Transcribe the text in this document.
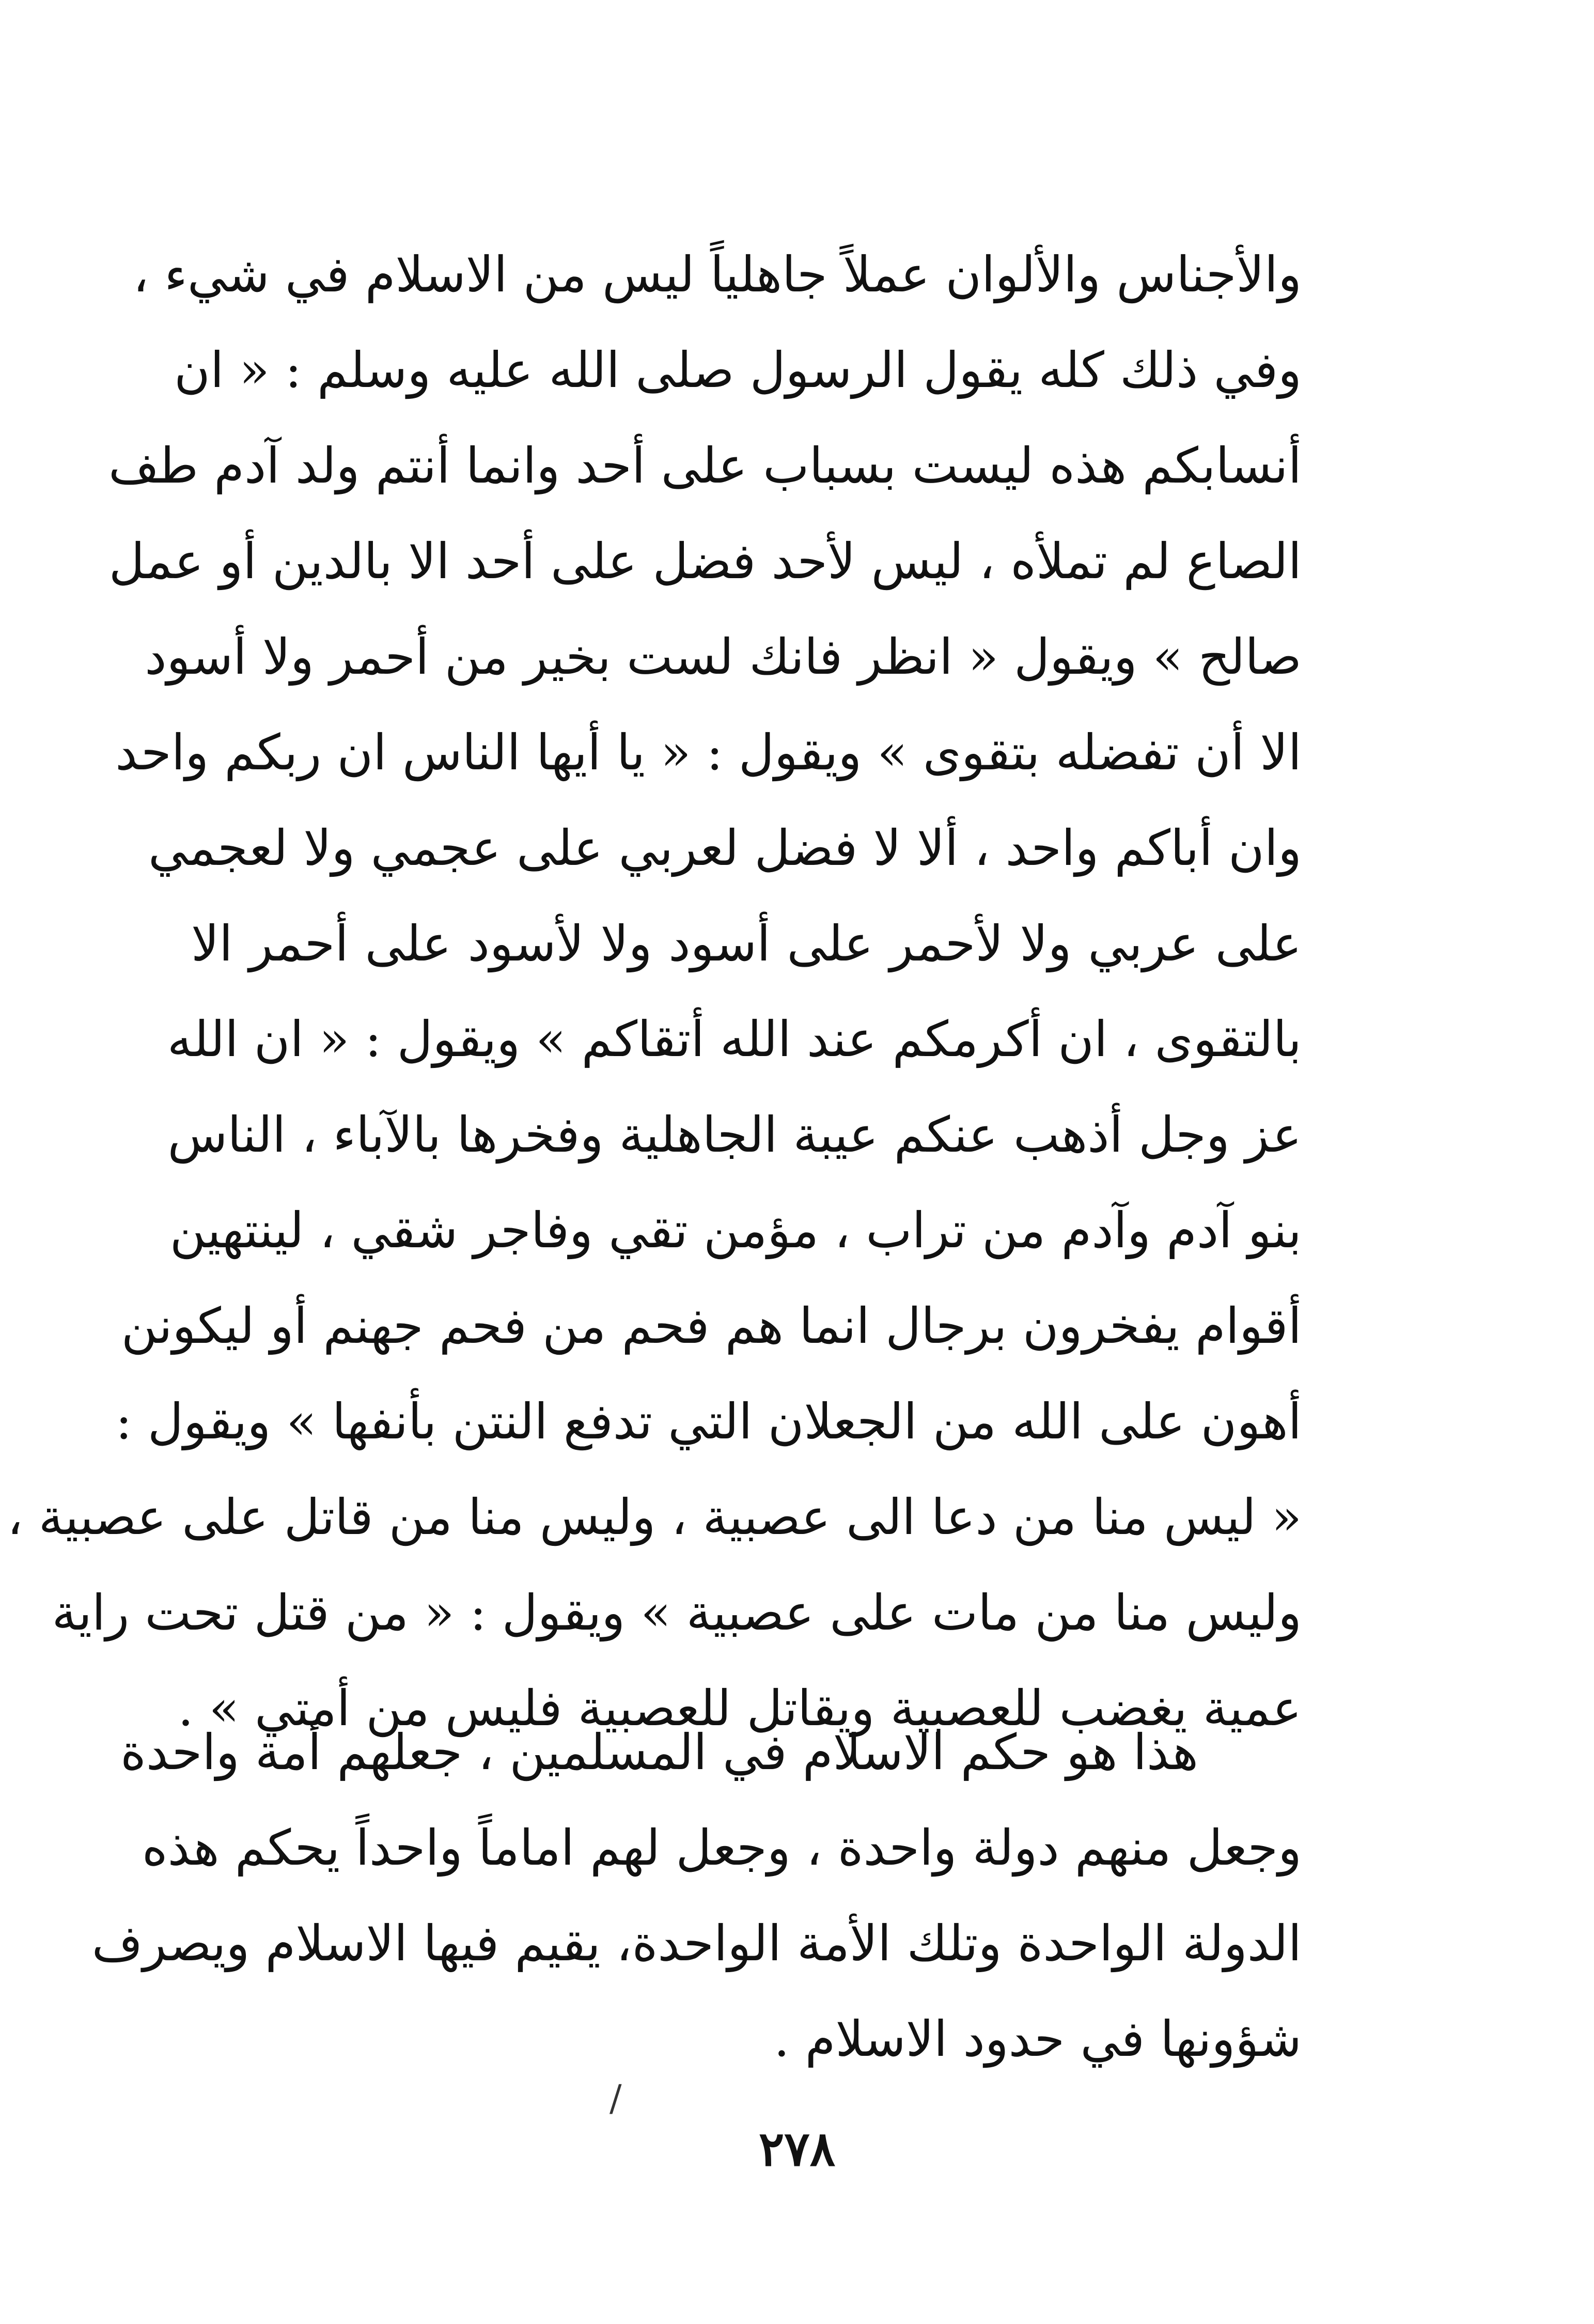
والأجناس والألوان عملاً جاهلياً ليس من الاسلام في شيء ،
وفي ذلك كله يقول الرسول صلى الله عليه وسلم : « ان
أنسابكم هذه ليست بسباب على أحد وانما أنتم ولد آدم طف
الصاع لم تملأه ، ليس لأحد فضل على أحد الا بالدين أو عمل
صالح » ويقول « انظر فانك لست بخير من أحمر ولا أسود
الا أن تفضله بتقوى » ويقول : « يا أيها الناس ان ربكم واحد
وان أباكم واحد ، ألا لا فضل لعربي على عجمي ولا لعجمي
على عربي ولا لأحمر على أسود ولا لأسود على أحمر الا
بالتقوى ، ان أكرمكم عند الله أتقاكم » ويقول : « ان الله
عز وجل أذهب عنكم عيبة الجاهلية وفخرها بالآباء ، الناس
بنو آدم وآدم من تراب ، مؤمن تقي وفاجر شقي ، لينتهين
أقوام يفخرون برجال انما هم فحم من فحم جهنم أو ليكونن
أهون على الله من الجعلان التي تدفع النتن بأنفها » ويقول :
« ليس منا من دعا الى عصبية ، وليس منا من قاتل على عصبية ،
وليس منا من مات على عصبية » ويقول : « من قتل تحت راية
عمية يغضب للعصبية ويقاتل للعصبية فليس من أمتي » .
هذا هو حكم الاسلام في المسلمين ، جعلهم أمة واحدة
وجعل منهم دولة واحدة ، وجعل لهم اماماً واحداً يحكم هذه
الدولة الواحدة وتلك الأمة الواحدة، يقيم فيها الاسلام ويصرف
شؤونها في حدود الاسلام .
/
٢٧٨
